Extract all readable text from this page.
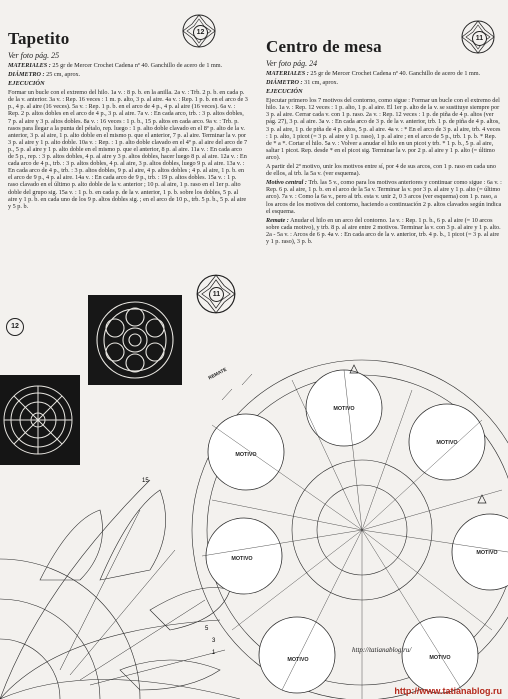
12
Tapetito
Ver foto pág. 25
MATERIALES : 25 gr de Mercer Crochet Cadena nº 40. Ganchillo de acero de 1 mm.
DIÁMETRO : 25 cm, aprox.
EJECUCIÓN
Formar un bucle con el extremo del hilo. 1a v. : 8 p. b. en la anilla. 2a v. : Trb. 2 p. b. en cada p. de la v. anterior. 3a v. : Rep. 16 veces : 1 m. p. alto, 3 p. al aire. 4a v. : Rep. 1 p. b. en el arco de 3 p., 4 p. al aire (16 veces). 5a v. : Rep. 1 p. b. en el arco de 4 p., 4 p. al aire (16 veces). 6a v. : Rep. 2 p. altos dobles en el arco de 4 p., 3 p. al aire. 7a v. : En cada arco, trb. : 3 p. altos dobles, 7 p. al aire y 3 p. altos dobles. 8a v. : 16 veces : 1 p. b., 15 p. altos en cada arco. 9a v. : Trb. p. rasos para llegar a la punta del pétalo, rep. luego : 1 p. alto doble clavado en el 8º p. alto de la v. anterior, 3 p. al aire, 1 p. alto doble en el mismo p. que el anterior, 7 p. al aire. Terminar la v. por 3 p. al aire y 1 p. alto doble. 10a v. : Rep. : 1 p. alto doble clavado en el 4º p. al aire del arco de 7 p., 5 p. al aire y 1 p. alto doble en el mismo p. que el anterior, 8 p. al aire. 11a v. : En cada arco de 5 p., rep. : 3 p. altos dobles, 4 p. al aire y 3 p. altos dobles, hacer luego 8 p. al aire. 12a v. : En cada arco de 4 p., trb. : 3 p. altos dobles, 4 p. al aire, 3 p. altos dobles, luego 9 p. al aire. 13a v. : En cada arco de 4 p., trb. : 3 p. altos dobles, 9 p. al aire, 4 p. altos dobles ; 4 p. al aire, 1 p. b. en el arco de 9 p., 4 p. al aire. 14a v. : En cada arco de 9 p., trb. : 19 p. altos dobles. 15a v. : 1 p. raso clavado en el último p. alto doble de la v. anterior ; 10 p. al aire, 1 p. raso en el 1er p. alto doble del grupo sig. 15a v. : 1 p. b. en cada p. de la v. anterior, 1 p. b. sobre los dobles, 5 p. al aire y 1 p. b. en cada uno de los 9 p. altos dobles sig. ; en el arco de 10 p., trb. 5 p. b., 5 p. al aire y 5 p. b.
11
Centro de mesa
Ver foto pág. 24
MATERIALES : 25 gr de Mercer Crochet Cadena nº 40. Ganchillo de acero de 1 mm.
DIÁMETRO : 31 cm, aprox.
EJECUCIÓN
Ejecutar primero los 7 motivos del contorno, como sigue : Formar un bucle con el extremo del hilo. 1a v. : Rep. 12 veces : 1 p. alto, 1 p. al aire. El 1er p. alto de la v. se sustituye siempre por 3 p. al aire. Cerrar cada v. con 1 p. raso. 2a v. : Rep. 12 veces : 1 p. de piña de 4 p. altos (ver pág. 27), 3 p. al aire. 3a v. : En cada arco de 3 p. de la v. anterior, trb. 1 p. de piña de 4 p. altos, 3 p. al aire, 1 p. de piña de 4 p. altos, 5 p. al aire. 4a v. : * En el arco de 3 p. al aire, trb. 4 veces : 1 p. alto, 1 picot (= 3 p. al aire y 1 p. raso), 1 p. al aire ; en el arco de 5 p., trb. 1 p. b. * Rep. de * a *. Cortar el hilo. 5a v. : Volver a anudar el hilo en un picot y trb. * 1 p. b., 5 p. al aire, saltar 1 picot. Rep. desde * en el picot sig. Terminar la v. por 2 p. al aire y 1 p. alto (= último arco).
A partir del 2º motivo, unir los motivos entre sí, por 4 de sus arcos, con 1 p. raso en cada uno de ellos, al trb. la 5a v. (ver esquema).
Motivo central : Trb. las 5 v., como para los motivos anteriores y continuar como sigue : 6a v. : Rep. 6 p. al aire, 1 p. b. en el arco de la 5a v. Terminar la v. por 3 p. al aire y 1 p. alto (= último arco). 7a v. : Como la 6a v., pero al trb. esta v. unir 2, 0 3 arcos (ver esquema) con 1 p. raso, a los arcos de los motivos del contorno, haciendo a continuación 2 p. altos clavados según indica el esquema.
Remate : Anudar el hilo en un arco del contorno. 1a v. : Rep. 1 p. b., 6 p. al aire (= 10 arcos sobre cada motivo), y trb. 8 p. al aire entre 2 motivos. Terminar la v. con 3 p. al aire y 1 p. alto. 2a - 5a v. : Arcos de 6 p. 4a v. : En cada arco de la v. anterior, trb. 4 p. b., 1 picot (= 3 p. al aire y 1 p. raso), 3 p. b.
11
12
15
5
3
1
REMATE
MOTIVO
MOTIVO
MOTIVO
MOTIVO
MOTIVO
MOTIVO	MOTIVO
http://tatianablog.ru/
http://www.tatianablog.ru
